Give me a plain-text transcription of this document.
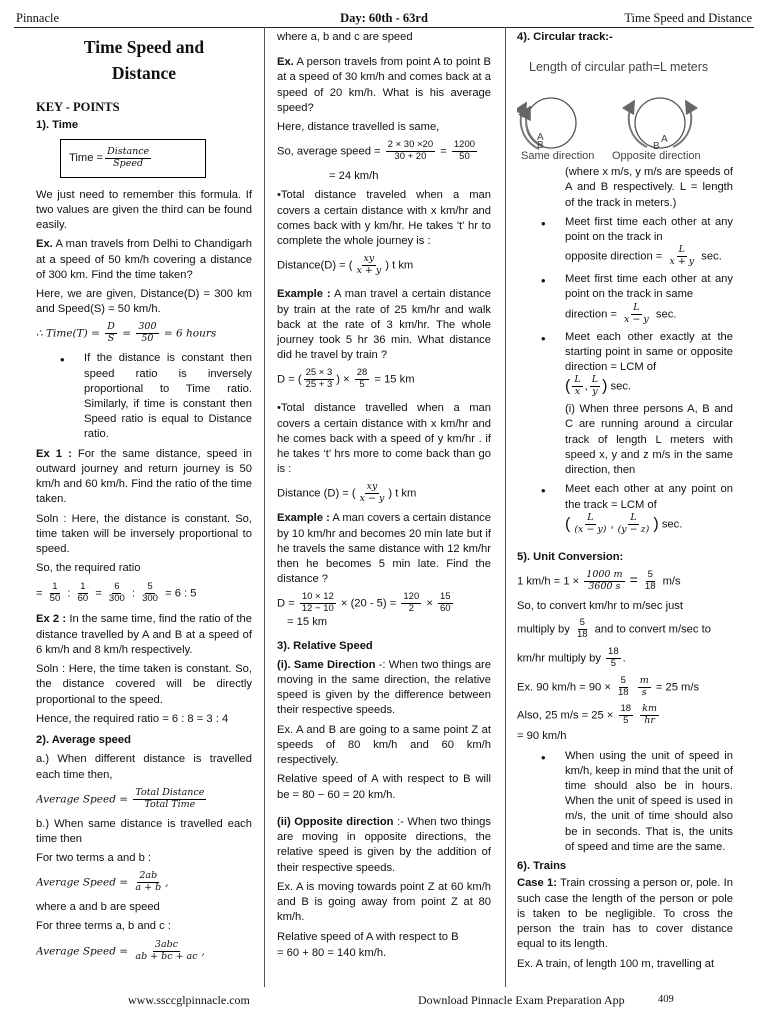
Pinnacle	Day: 60th - 63rd	Time Speed and Distance
Time Speed and
Distance
KEY - POINTS
1). Time
Time = $\frac{\text{Distance}}{\text{Speed}}$

We just need to remember this formula. If two values are given the third can be found easily.

Ex. A man travels from Delhi to Chandigarh at a speed of 50 km/h covering a distance of 300 km. Find the time taken?

Here, we are given, Distance(D) = 300 km and Speed(S) = 50 km/h.

∴ Time(T) = $\frac{D}{S} = \frac{300}{50} = 6$ hours
• If the distance is constant then speed ratio is inversely proportional to Time ratio. Similarly, if time is constant then Speed ratio is equal to Distance ratio.

Ex 1 : For the same distance, speed in outward journey and return journey is 50 km/h and 60 km/h. Find the ratio of the time taken.

Soln : Here, the distance is constant. So, time taken will be inversely proportional to speed.

So, the required ratio

= $\frac{1}{50}$ : $\frac{1}{60} = \frac{6}{300}$ : $\frac{5}{300} = 6$ : 5

Ex 2 : In the same time, find the ratio of the distance travelled by A and B at a speed of 6 km/h and 8 km/h respectively.

Soln : Here, the time taken is constant. So, the distance covered will be directly proportional to the speed.

Hence, the required ratio = 6 : 8 = 3 : 4

2). Average speed

a.) When different distance is travelled each time then,

Average Speed = $\frac{\text{Total Distance}}{\text{Total Time}}$

b.) When same distance is travelled each time then

For two terms a and b :

Average Speed = $\frac{2ab}{a + b}$ ,

where a and b are speed

For three terms a, b and c :

Average Speed = $\frac{\text{3abc}}{ab + bc + ac}$ ,

where a, b and c are speed

Ex. A person travels from point A to point B at a speed of 30 km/h and comes back at a speed of 20 km/h. What is his average speed?

Here, distance travelled is same,

So, average speed = $\frac{2 \times 30 \times 20}{30 + 20} = \frac{1200}{50}$

= 24 km/h

•Total distance traveled when a man covers a certain distance with x km/hr and comes back with y km/hr. He takes 't' hr to complete the whole journey is :

Distance(D) = ( $\frac{xy}{x + y}$ ) t km

Example : A man travel a certain distance by train at the rate of 25 km/hr and walk back at the rate of 3 km/hr. The whole journey took 5 hr 36 min. What distance did he travel by train ?

D = ( $\frac{25 \times 3}{25 + 3}$ ) × $\frac{28}{5} = 15$ km

•Total distance travelled when a man covers a certain distance with x km/hr and he comes back with a speed of y km/hr . if he takes ‘t’ hrs more to come back than go is :

Distance (D) = ( $\frac{xy}{x - y}$ ) t km

Example : A man covers a certain distance by 10 km/hr and becomes 20 min late but if he travels the same distance with 12 km/hr then he becomes 5 min late. Find the distance ?

$D = \frac{10 \times 12}{12 - 10} \times (20 - 5) = \frac{120}{2} \times \frac{15}{60}$

= 15 km

3). Relative Speed

(i). Same Direction -: When two things are moving in the same direction, the relative speed is given by the difference between their respective speeds.

Ex. A and B are going to a same point Z at speeds of 80 km/h and 60 km/h respectively.

Relative speed of A with respect to B will be = 80 − 60 = 20 km/h.

(ii) Opposite direction :- When two things are moving in opposite directions, the relative speed is given by the addition of their respective speeds.

Ex. A is moving towards point Z at 60 km/h and B is going away from point Z at 80 km/h.

Relative speed of A with respect to B

= 60 + 80 = 140 km/h.

4). Circular track:-
Length of circular path=L meters
A
B
A
B
Same direction Opposite direction

(where x m/s, y m/s are speeds of A and B respectively. L = length of the track in meters.)

• Meet first time each other at any point on the track in
opposite direction = $\frac{L}{x + y} \sec$.
• Meet first time each other at any point on the track in same
direction = $\frac{L}{x - y} \sec$.
• Meet each other exactly at the starting point in same or opposite direction = LCM of
( $\frac{L}{x}$ , $\frac{L}{y}$ ) sec.

(i) When three persons A, B and C are running around a circular track of length L meters with speed x, y and z m/s in the same direction, then

• Meet each other at any point on the track = LCM of
( $\frac{L}{(x - y)}$ , $\frac{L}{(y - z)}$ ) sec.
5). Unit Conversion:
1 $km/h = 1 \times \frac{1000 m}{3600 s} = \frac{5}{18} m/s$

So, to convert km/hr to m/sec just

multiply by $\frac{5}{18}$ and to convert m/sec to
km/hr multiply by $\frac{18}{5}$ .
Ex. 90 $km/h = 90 \times \frac{5}{18}$
$\frac{m}{s} = 25$ m/s
Also, 25 $m/s = 25 \times \frac{18}{5}$
$\frac{km}{hr}$

= 90 km/h

• When using the unit of speed in km/h, keep in mind that the unit of time should also be in hours. When the unit of speed is used in m/s, the unit of time should also be in seconds. That is, the units of speed and time are the same.
6). Trains

Case 1: Train crossing a person or, pole. In such case the length of the person or pole is taken to be negligible. To cross the person the train has to cover distance equal to its length.

Ex. A train, of length 100 m, travelling at

www.ssccglpinnacle.com	Download Pinnacle Exam Preparation App	409
